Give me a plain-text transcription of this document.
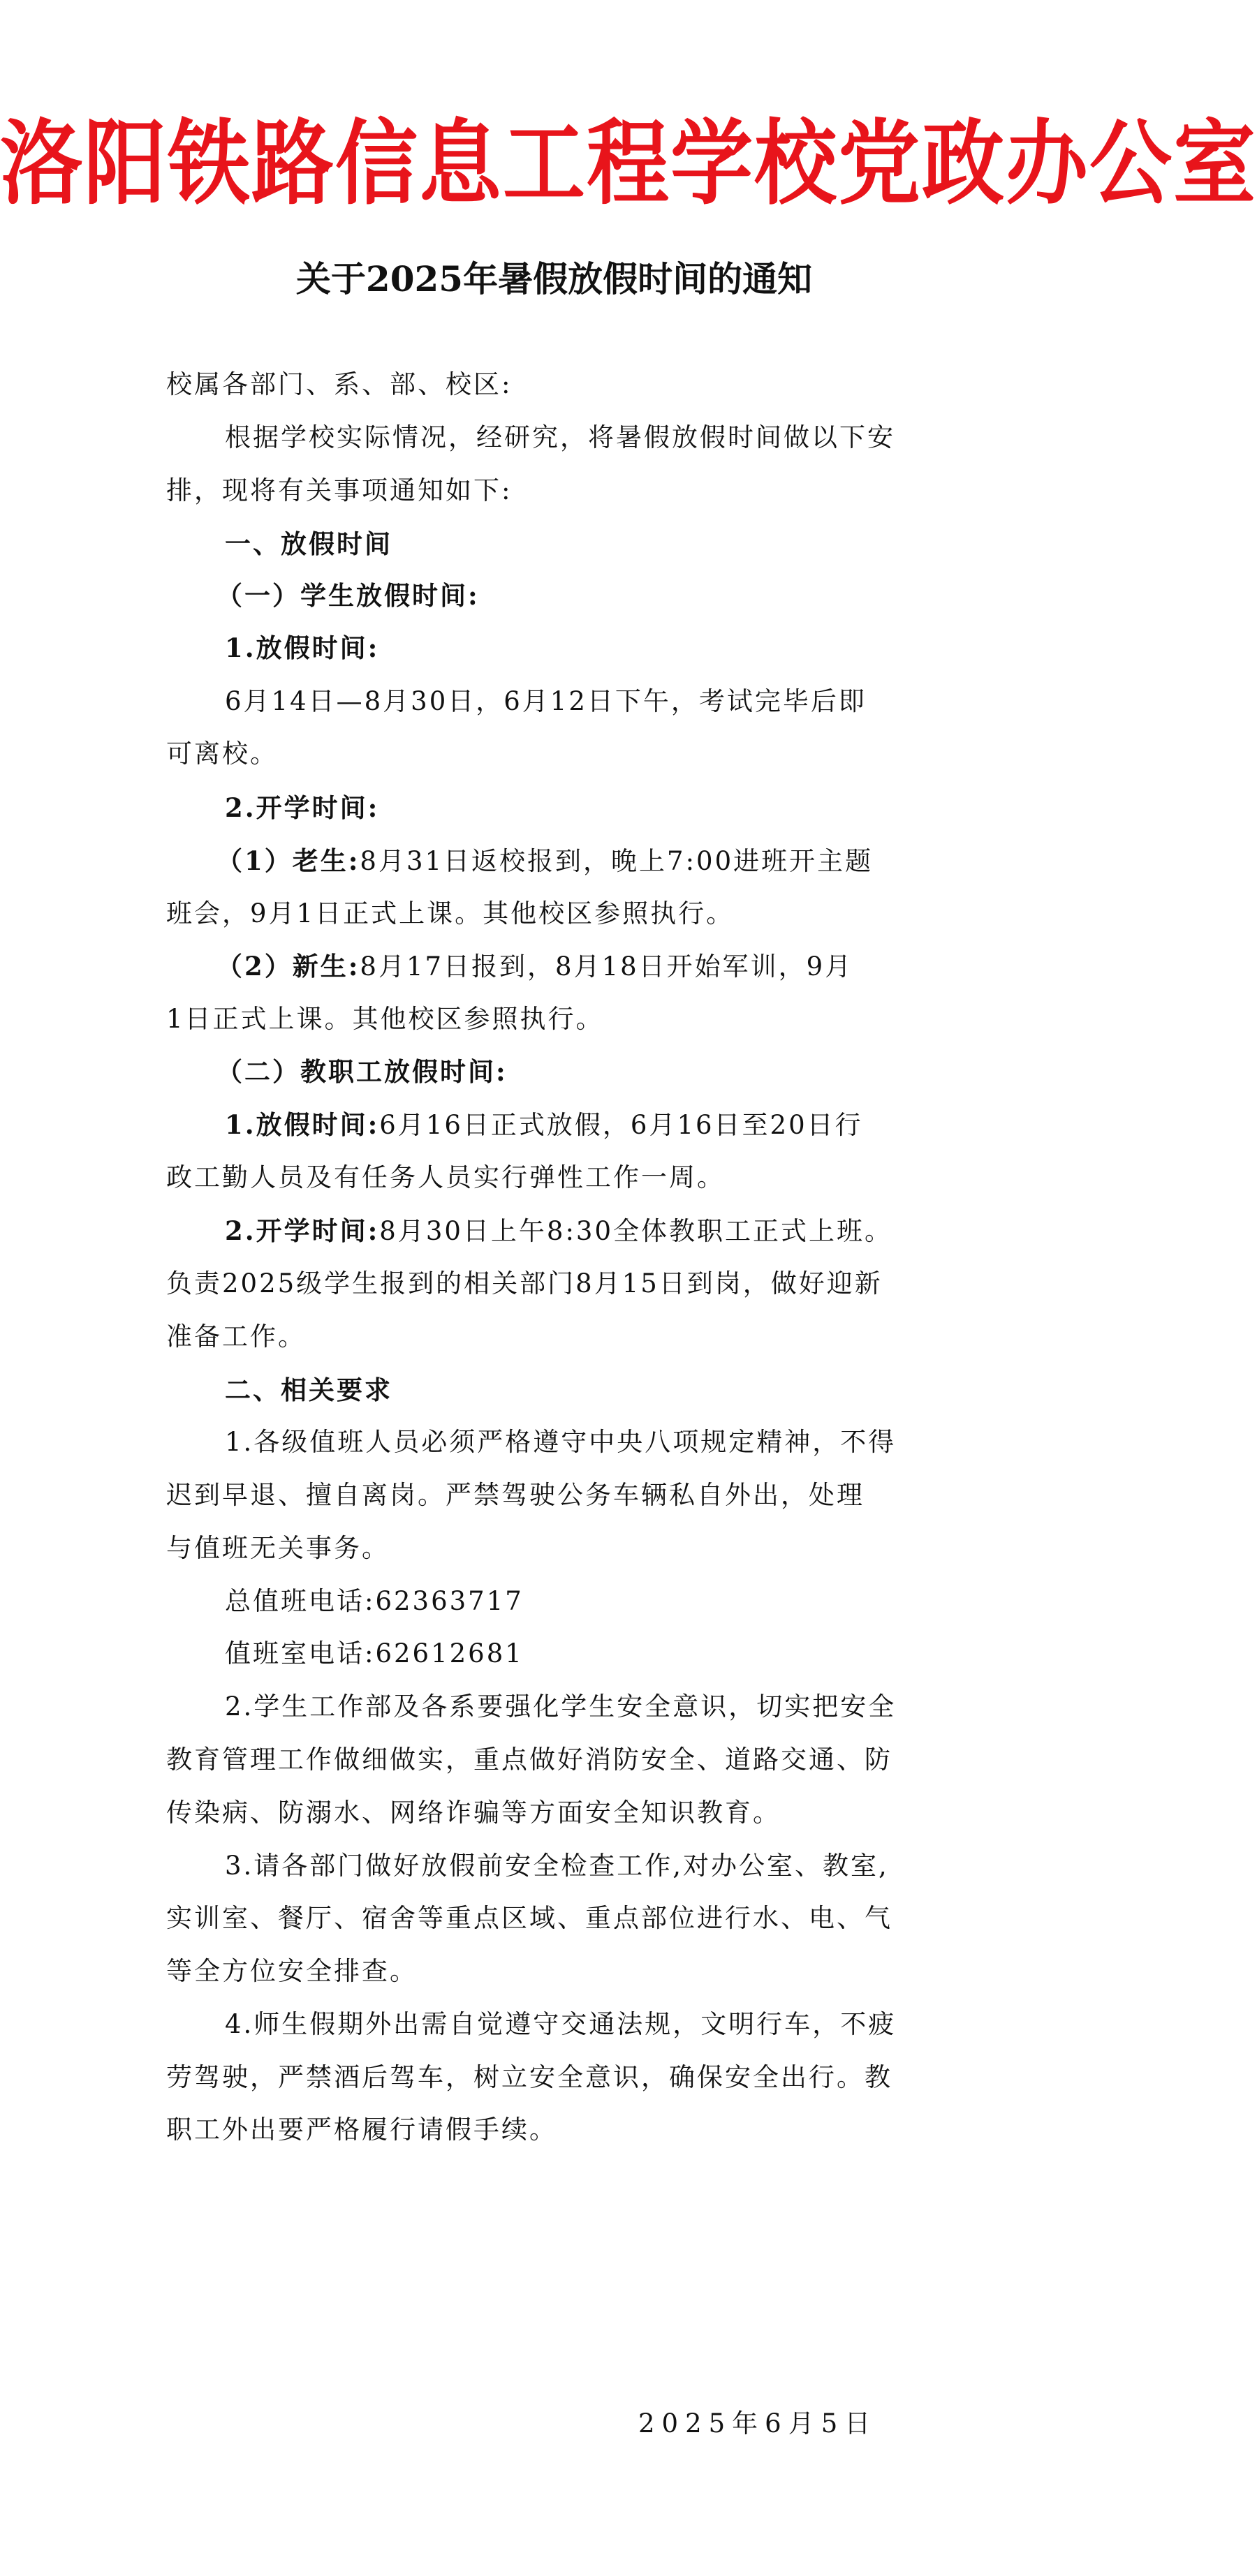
洛阳铁路信息工程学校党政办公室
关于2025年暑假放假时间的通知
校属各部门、系、部、校区:
根据学校实际情况，经研究，将暑假放假时间做以下安
排，现将有关事项通知如下:
一、放假时间
（一）学生放假时间:
1.放假时间:
6月14日—8月30日，6月12日下午，考试完毕后即
可离校。
2.开学时间:
（1）老生:8月31日返校报到，晚上7:00进班开主题
班会，9月1日正式上课。其他校区参照执行。
（2）新生:8月17日报到，8月18日开始军训，9月
1日正式上课。其他校区参照执行。
（二）教职工放假时间:
1.放假时间:6月16日正式放假，6月16日至20日行
政工勤人员及有任务人员实行弹性工作一周。
2.开学时间:8月30日上午8:30全体教职工正式上班。
负责2025级学生报到的相关部门8月15日到岗，做好迎新
准备工作。
二、相关要求
1.各级值班人员必须严格遵守中央八项规定精神，不得
迟到早退、擅自离岗。严禁驾驶公务车辆私自外出，处理
与值班无关事务。
总值班电话:62363717
值班室电话:62612681
2.学生工作部及各系要强化学生安全意识，切实把安全
教育管理工作做细做实，重点做好消防安全、道路交通、防
传染病、防溺水、网络诈骗等方面安全知识教育。
3.请各部门做好放假前安全检查工作,对办公室、教室,
实训室、餐厅、宿舍等重点区域、重点部位进行水、电、气
等全方位安全排查。
4.师生假期外出需自觉遵守交通法规，文明行车，不疲
劳驾驶，严禁酒后驾车，树立安全意识，确保安全出行。教
职工外出要严格履行请假手续。
2025年6月5日
